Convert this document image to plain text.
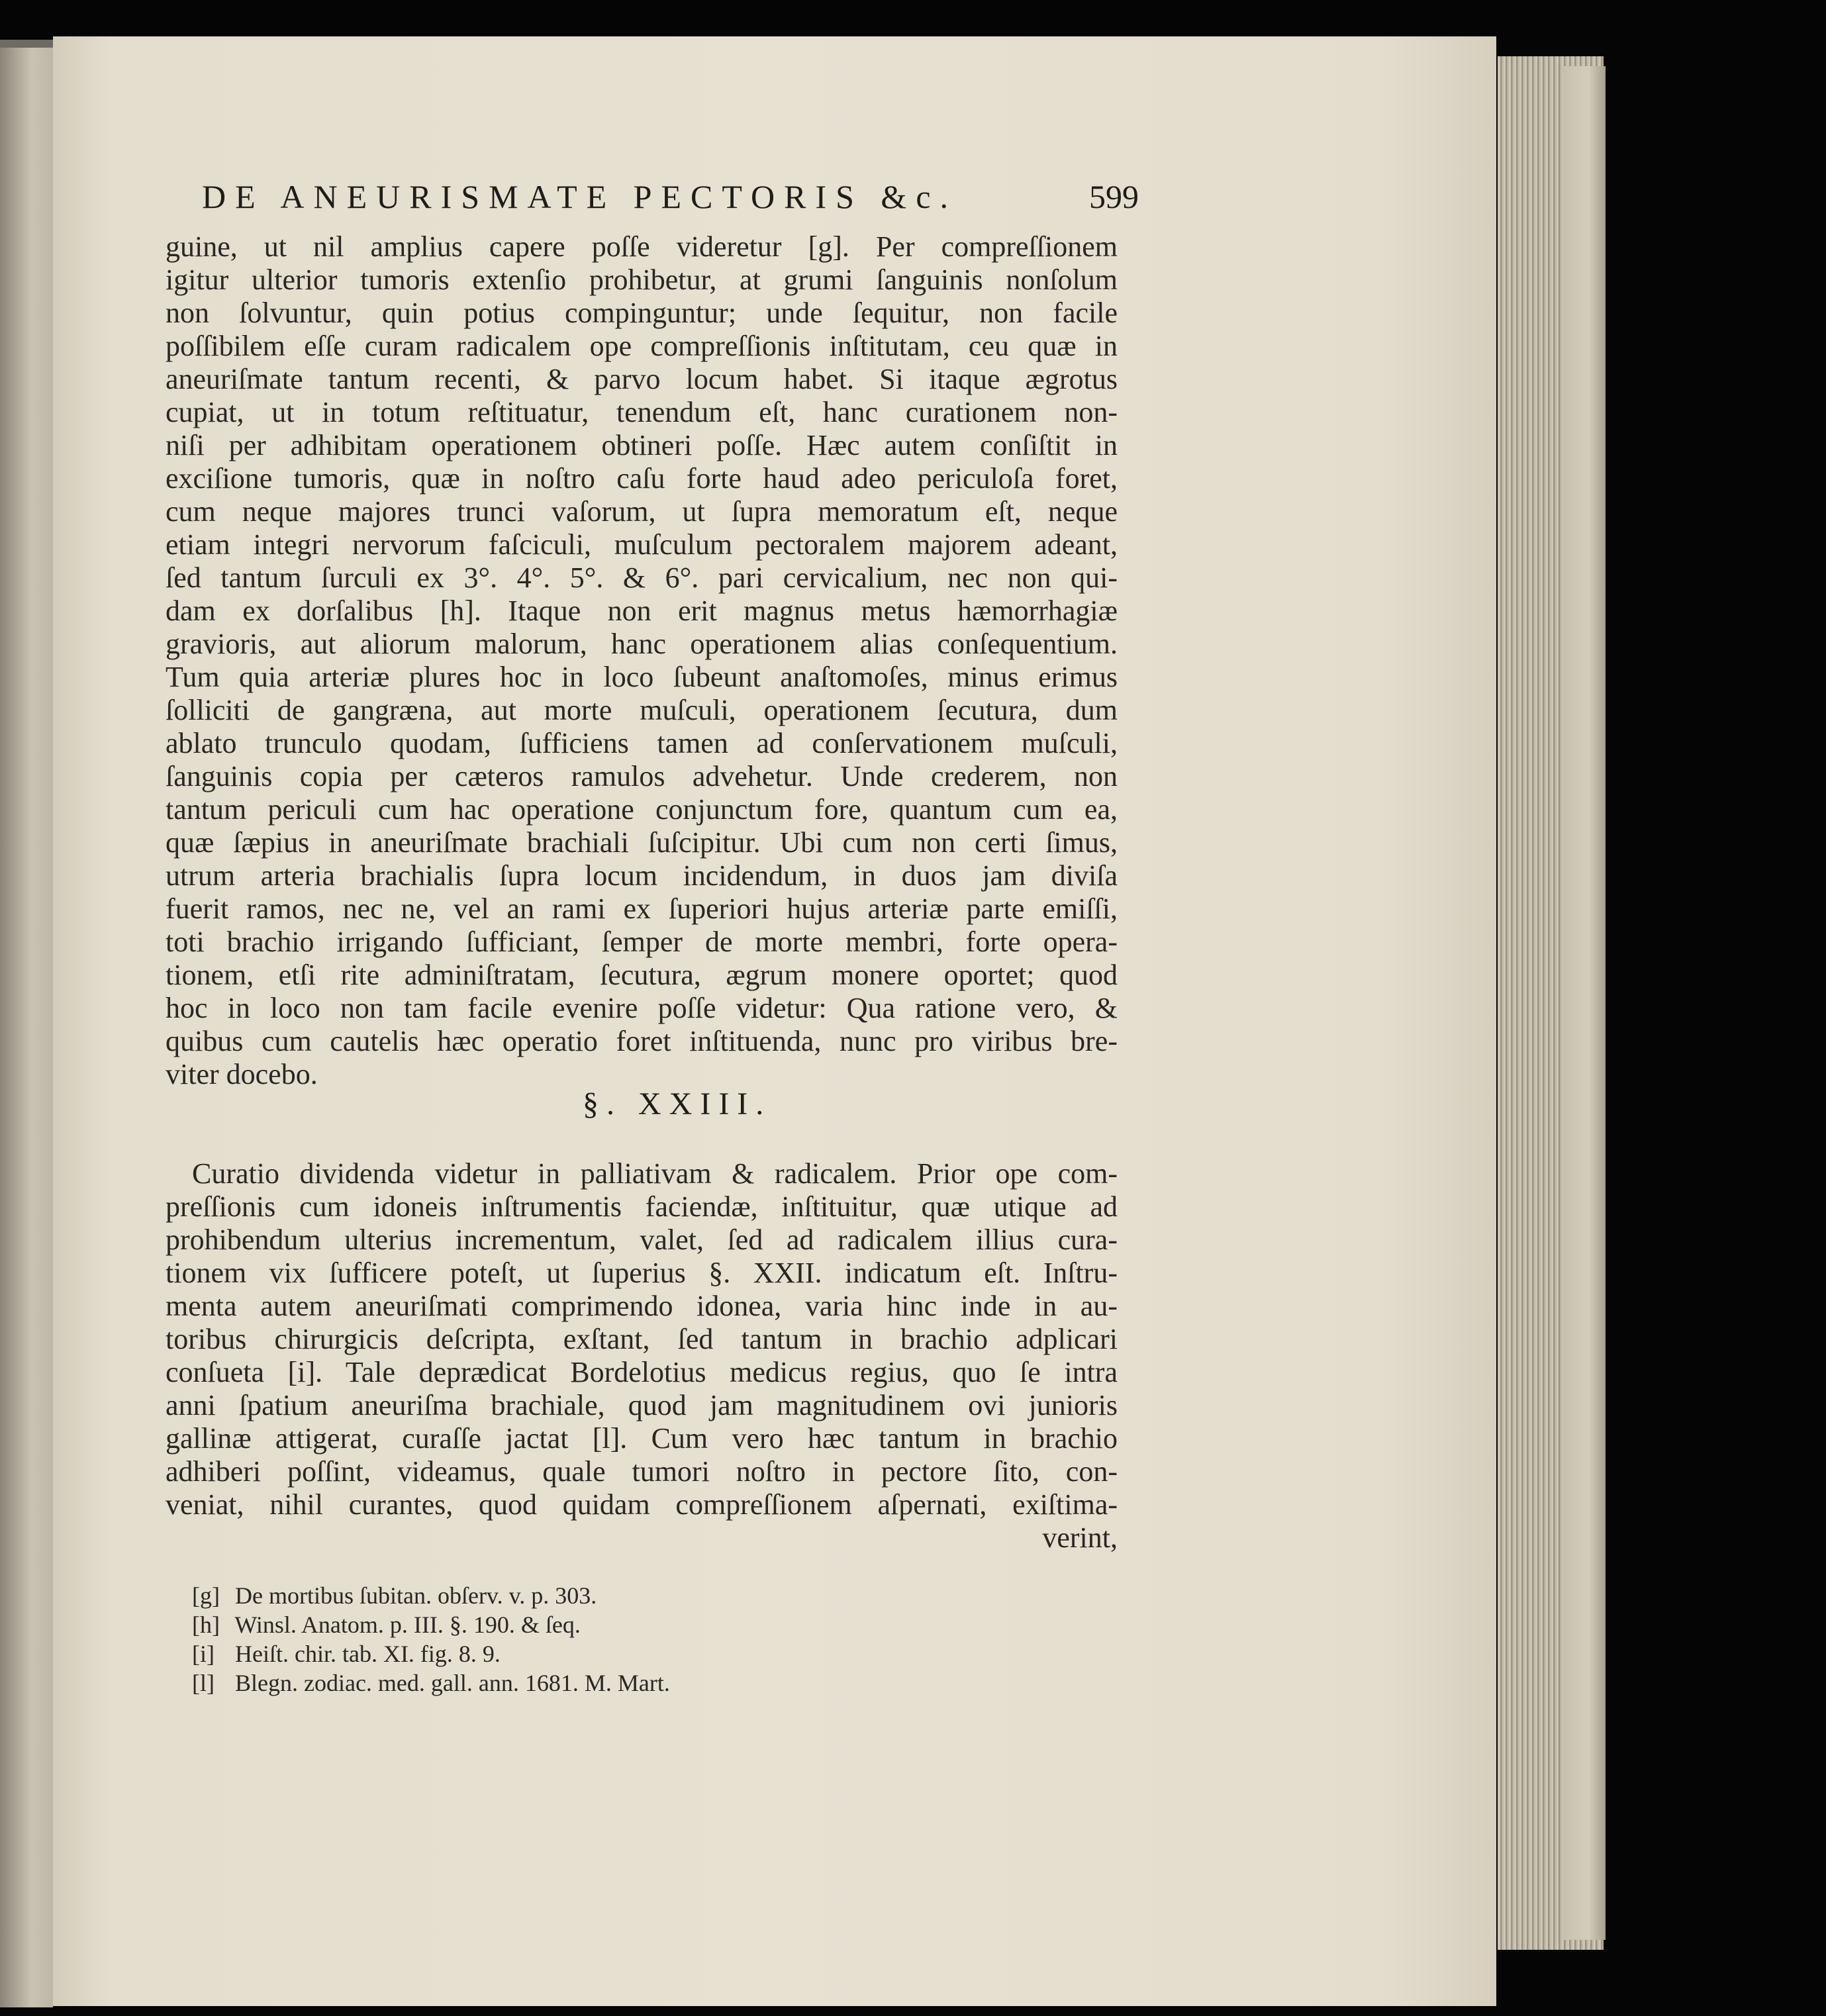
DE ANEURISMATE PECTORIS &c.	599
guine, ut nil amplius capere poſſe videretur [g]. Per compreſſionem
igitur ulterior tumoris extenſio prohibetur, at grumi ſanguinis nonſolum
non ſolvuntur, quin potius compinguntur; unde ſequitur, non facile
poſſibilem eſſe curam radicalem ope compreſſionis inſtitutam, ceu quæ in
aneuriſmate tantum recenti, & parvo locum habet. Si itaque ægrotus
cupiat, ut in totum reſtituatur, tenendum eſt, hanc curationem non-
niſi per adhibitam operationem obtineri poſſe. Hæc autem conſiſtit in
exciſione tumoris, quæ in noſtro caſu forte haud adeo periculoſa foret,
cum neque majores trunci vaſorum, ut ſupra memoratum eſt, neque
etiam integri nervorum faſciculi, muſculum pectoralem majorem adeant,
ſed tantum ſurculi ex 3°. 4°. 5°. & 6°. pari cervicalium, nec non qui-
dam ex dorſalibus [h]. Itaque non erit magnus metus hæmorrhagiæ
gravioris, aut aliorum malorum, hanc operationem alias conſequentium.
Tum quia arteriæ plures hoc in loco ſubeunt anaſtomoſes, minus erimus
ſolliciti de gangræna, aut morte muſculi, operationem ſecutura, dum
ablato trunculo quodam, ſufficiens tamen ad conſervationem muſculi,
ſanguinis copia per cæteros ramulos advehetur. Unde crederem, non
tantum periculi cum hac operatione conjunctum fore, quantum cum ea,
quæ ſæpius in aneuriſmate brachiali ſuſcipitur. Ubi cum non certi ſimus,
utrum arteria brachialis ſupra locum incidendum, in duos jam diviſa
fuerit ramos, nec ne, vel an rami ex ſuperiori hujus arteriæ parte emiſſi,
toti brachio irrigando ſufficiant, ſemper de morte membri, forte opera-
tionem, etſi rite adminiſtratam, ſecutura, ægrum monere oportet; quod
hoc in loco non tam facile evenire poſſe videtur: Qua ratione vero, &
quibus cum cautelis hæc operatio foret inſtituenda, nunc pro viribus bre-
viter docebo.
§. XXIII.
Curatio dividenda videtur in palliativam & radicalem. Prior ope com-
preſſionis cum idoneis inſtrumentis faciendæ, inſtituitur, quæ utique ad
prohibendum ulterius incrementum, valet, ſed ad radicalem illius cura-
tionem vix ſufficere poteſt, ut ſuperius §. XXII. indicatum eſt. Inſtru-
menta autem aneuriſmati comprimendo idonea, varia hinc inde in au-
toribus chirurgicis deſcripta, exſtant, ſed tantum in brachio adplicari
conſueta [i]. Tale deprædicat Bordelotius medicus regius, quo ſe intra
anni ſpatium aneuriſma brachiale, quod jam magnitudinem ovi junioris
gallinæ attigerat, curaſſe jactat [l]. Cum vero hæc tantum in brachio
adhiberi poſſint, videamus, quale tumori noſtro in pectore ſito, con-
veniat, nihil curantes, quod quidam compreſſionem aſpernati, exiſtima-
verint,
[g] De mortibus ſubitan. obſerv. v. p. 303.
[h] Winsl. Anatom. p. III. §. 190. & ſeq.
[i] Heiſt. chir. tab. XI. fig. 8. 9.
[l] Blegn. zodiac. med. gall. ann. 1681. M. Mart.
